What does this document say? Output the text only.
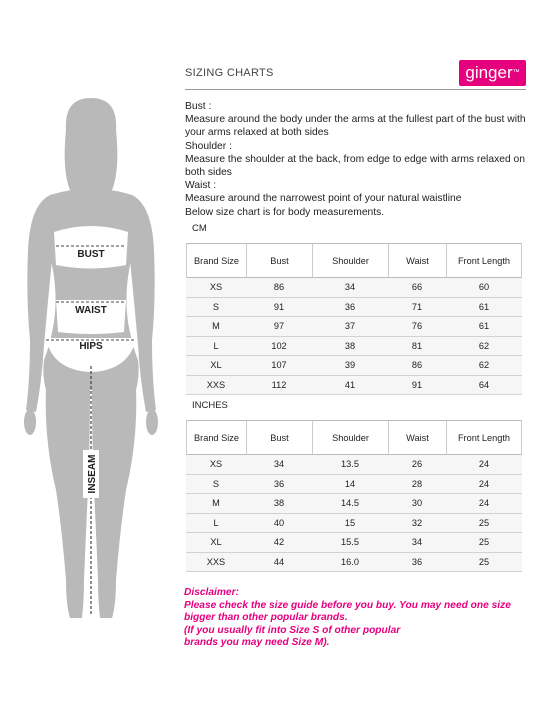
BUST
WAIST
HIPS
INSEAM
SIZING CHARTS	ginger™
Bust :
Measure around the body under the arms at the fullest part of the bust with your arms relaxed at both sides
Shoulder :
Measure the shoulder at the back, from edge to edge with arms relaxed on both sides
Waist :
Measure around the narrowest point of your natural waistline
Below size chart is for body measurements.
CM
Brand Size	Bust	Shoulder	Waist	Front Length
XS	86	34	66	60
S	91	36	71	61
M	97	37	76	61
L	102	38	81	62
XL	107	39	86	62
XXS	112	41	91	64
INCHES
Brand Size	Bust	Shoulder	Waist	Front Length
XS	34	13.5	26	24
S	36	14	28	24
M	38	14.5	30	24
L	40	15	32	25
XL	42	15.5	34	25
XXS	44	16.0	36	25
Disclaimer:
Please check the size guide before you buy. You may need one size bigger than other popular brands.
(If you usually fit into Size S of other popular
brands you may need Size M).
